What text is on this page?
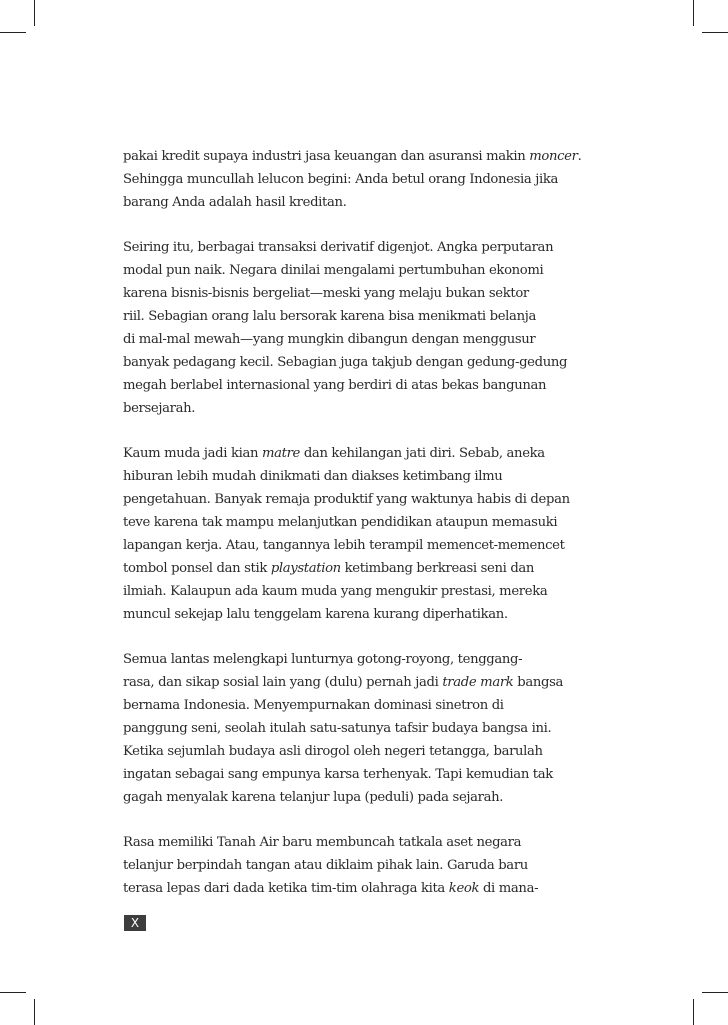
pakai kredit supaya industri jasa keuangan dan asuransi makin moncer.
Sehingga muncullah lelucon begini: Anda betul orang Indonesia jika
barang Anda adalah hasil kreditan.

Seiring itu, berbagai transaksi derivatif digenjot. Angka perputaran
modal pun naik. Negara dinilai mengalami pertumbuhan ekonomi
karena bisnis-bisnis bergeliat—meski yang melaju bukan sektor
riil. Sebagian orang lalu bersorak karena bisa menikmati belanja
di mal-mal mewah—yang mungkin dibangun dengan menggusur
banyak pedagang kecil. Sebagian juga takjub dengan gedung-gedung
megah berlabel internasional yang berdiri di atas bekas bangunan
bersejarah.

Kaum muda jadi kian matre dan kehilangan jati diri. Sebab, aneka
hiburan lebih mudah dinikmati dan diakses ketimbang ilmu
pengetahuan. Banyak remaja produktif yang waktunya habis di depan
teve karena tak mampu melanjutkan pendidikan ataupun memasuki
lapangan kerja. Atau, tangannya lebih terampil memencet-memencet
tombol ponsel dan stik playstation ketimbang berkreasi seni dan
ilmiah. Kalaupun ada kaum muda yang mengukir prestasi, mereka
muncul sekejap lalu tenggelam karena kurang diperhatikan.

Semua lantas melengkapi lunturnya gotong-royong, tenggang-
rasa, dan sikap sosial lain yang (dulu) pernah jadi trade mark bangsa
bernama Indonesia. Menyempurnakan dominasi sinetron di
panggung seni, seolah itulah satu-satunya tafsir budaya bangsa ini.
Ketika sejumlah budaya asli dirogol oleh negeri tetangga, barulah
ingatan sebagai sang empunya karsa terhenyak. Tapi kemudian tak
gagah menyalak karena telanjur lupa (peduli) pada sejarah.

Rasa memiliki Tanah Air baru membuncah tatkala aset negara
telanjur berpindah tangan atau diklaim pihak lain. Garuda baru
terasa lepas dari dada ketika tim-tim olahraga kita keok di mana-

X
